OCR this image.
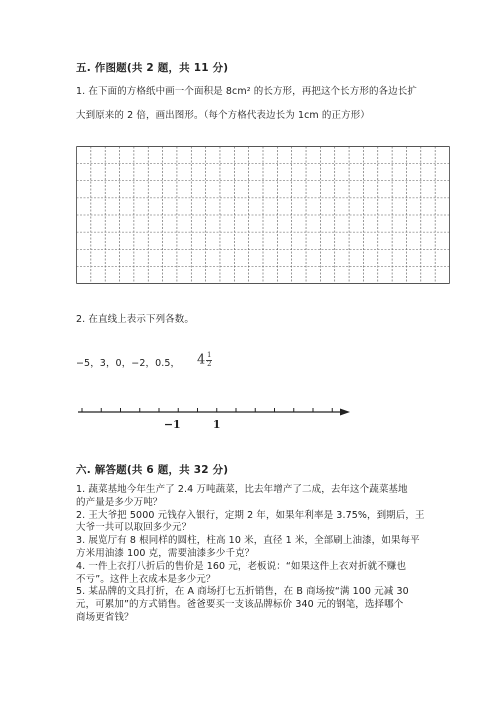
五. 作图题(共 2 题，共 11 分)
1. 在下面的方格纸中画一个面积是 8cm² 的长方形，再把这个长方形的各边长扩
大到原来的 2 倍，画出图形。（每个方格代表边长为 1cm 的正方形）
2. 在直线上表示下列各数。
−5，3，0，−2，0.5， $4 \frac{1}{2}$
−1	1
六. 解答题(共 6 题，共 32 分)
1. 蔬菜基地今年生产了 2.4 万吨蔬菜，比去年增产了二成，去年这个蔬菜基地
的产量是多少万吨？
2. 王大爷把 5000 元钱存入银行，定期 2 年，如果年利率是 3.75%，到期后，王
大爷一共可以取回多少元？
3. 展览厅有 8 根同样的圆柱，柱高 10 米，直径 1 米，全部刷上油漆，如果每平
方米用油漆 100 克，需要油漆多少千克？
4. 一件上衣打八折后的售价是 160 元，老板说：“如果这件上衣对折就不赚也
不亏”。这件上衣成本是多少元？
5. 某品牌的文具打折，在 A 商场打七五折销售，在 B 商场按“满 100 元减 30
元，可累加”的方式销售。爸爸要买一支该品牌标价 340 元的钢笔，选择哪个
商场更省钱？
